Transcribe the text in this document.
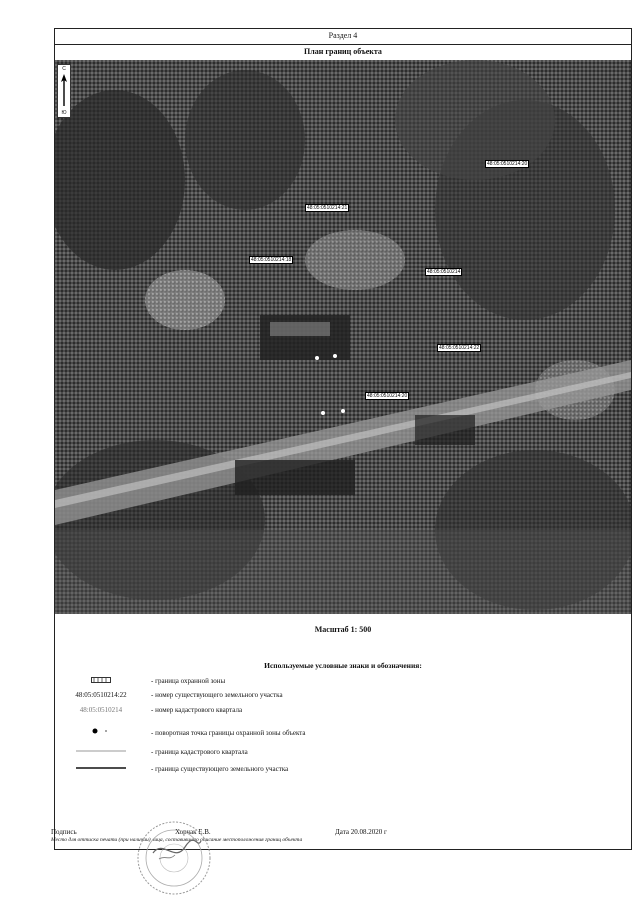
Раздел 4
План границ объекта
С
Ю
48:05:0510214:20
48:05:0510214:21
48:05:0510214:18
48:05:0510214
48:05:0510214:22
48:05:0510214:20
Масштаб 1: 500
Используемые условные знаки и обозначения:
- граница охранной зоны
48:05:0510214:22	- номер существующего земельного участка
48:05:0510214	- номер кадастрового квартала
- поворотная точка границы охранной зоны объекта
- граница кадастрового квартала
- граница существующего земельного участка
Подпись	Хорчак Е.В.	Дата 20.08.2020 г
Место для оттиска печати (при наличии) лица, составившего описание местоположения границ объекта
